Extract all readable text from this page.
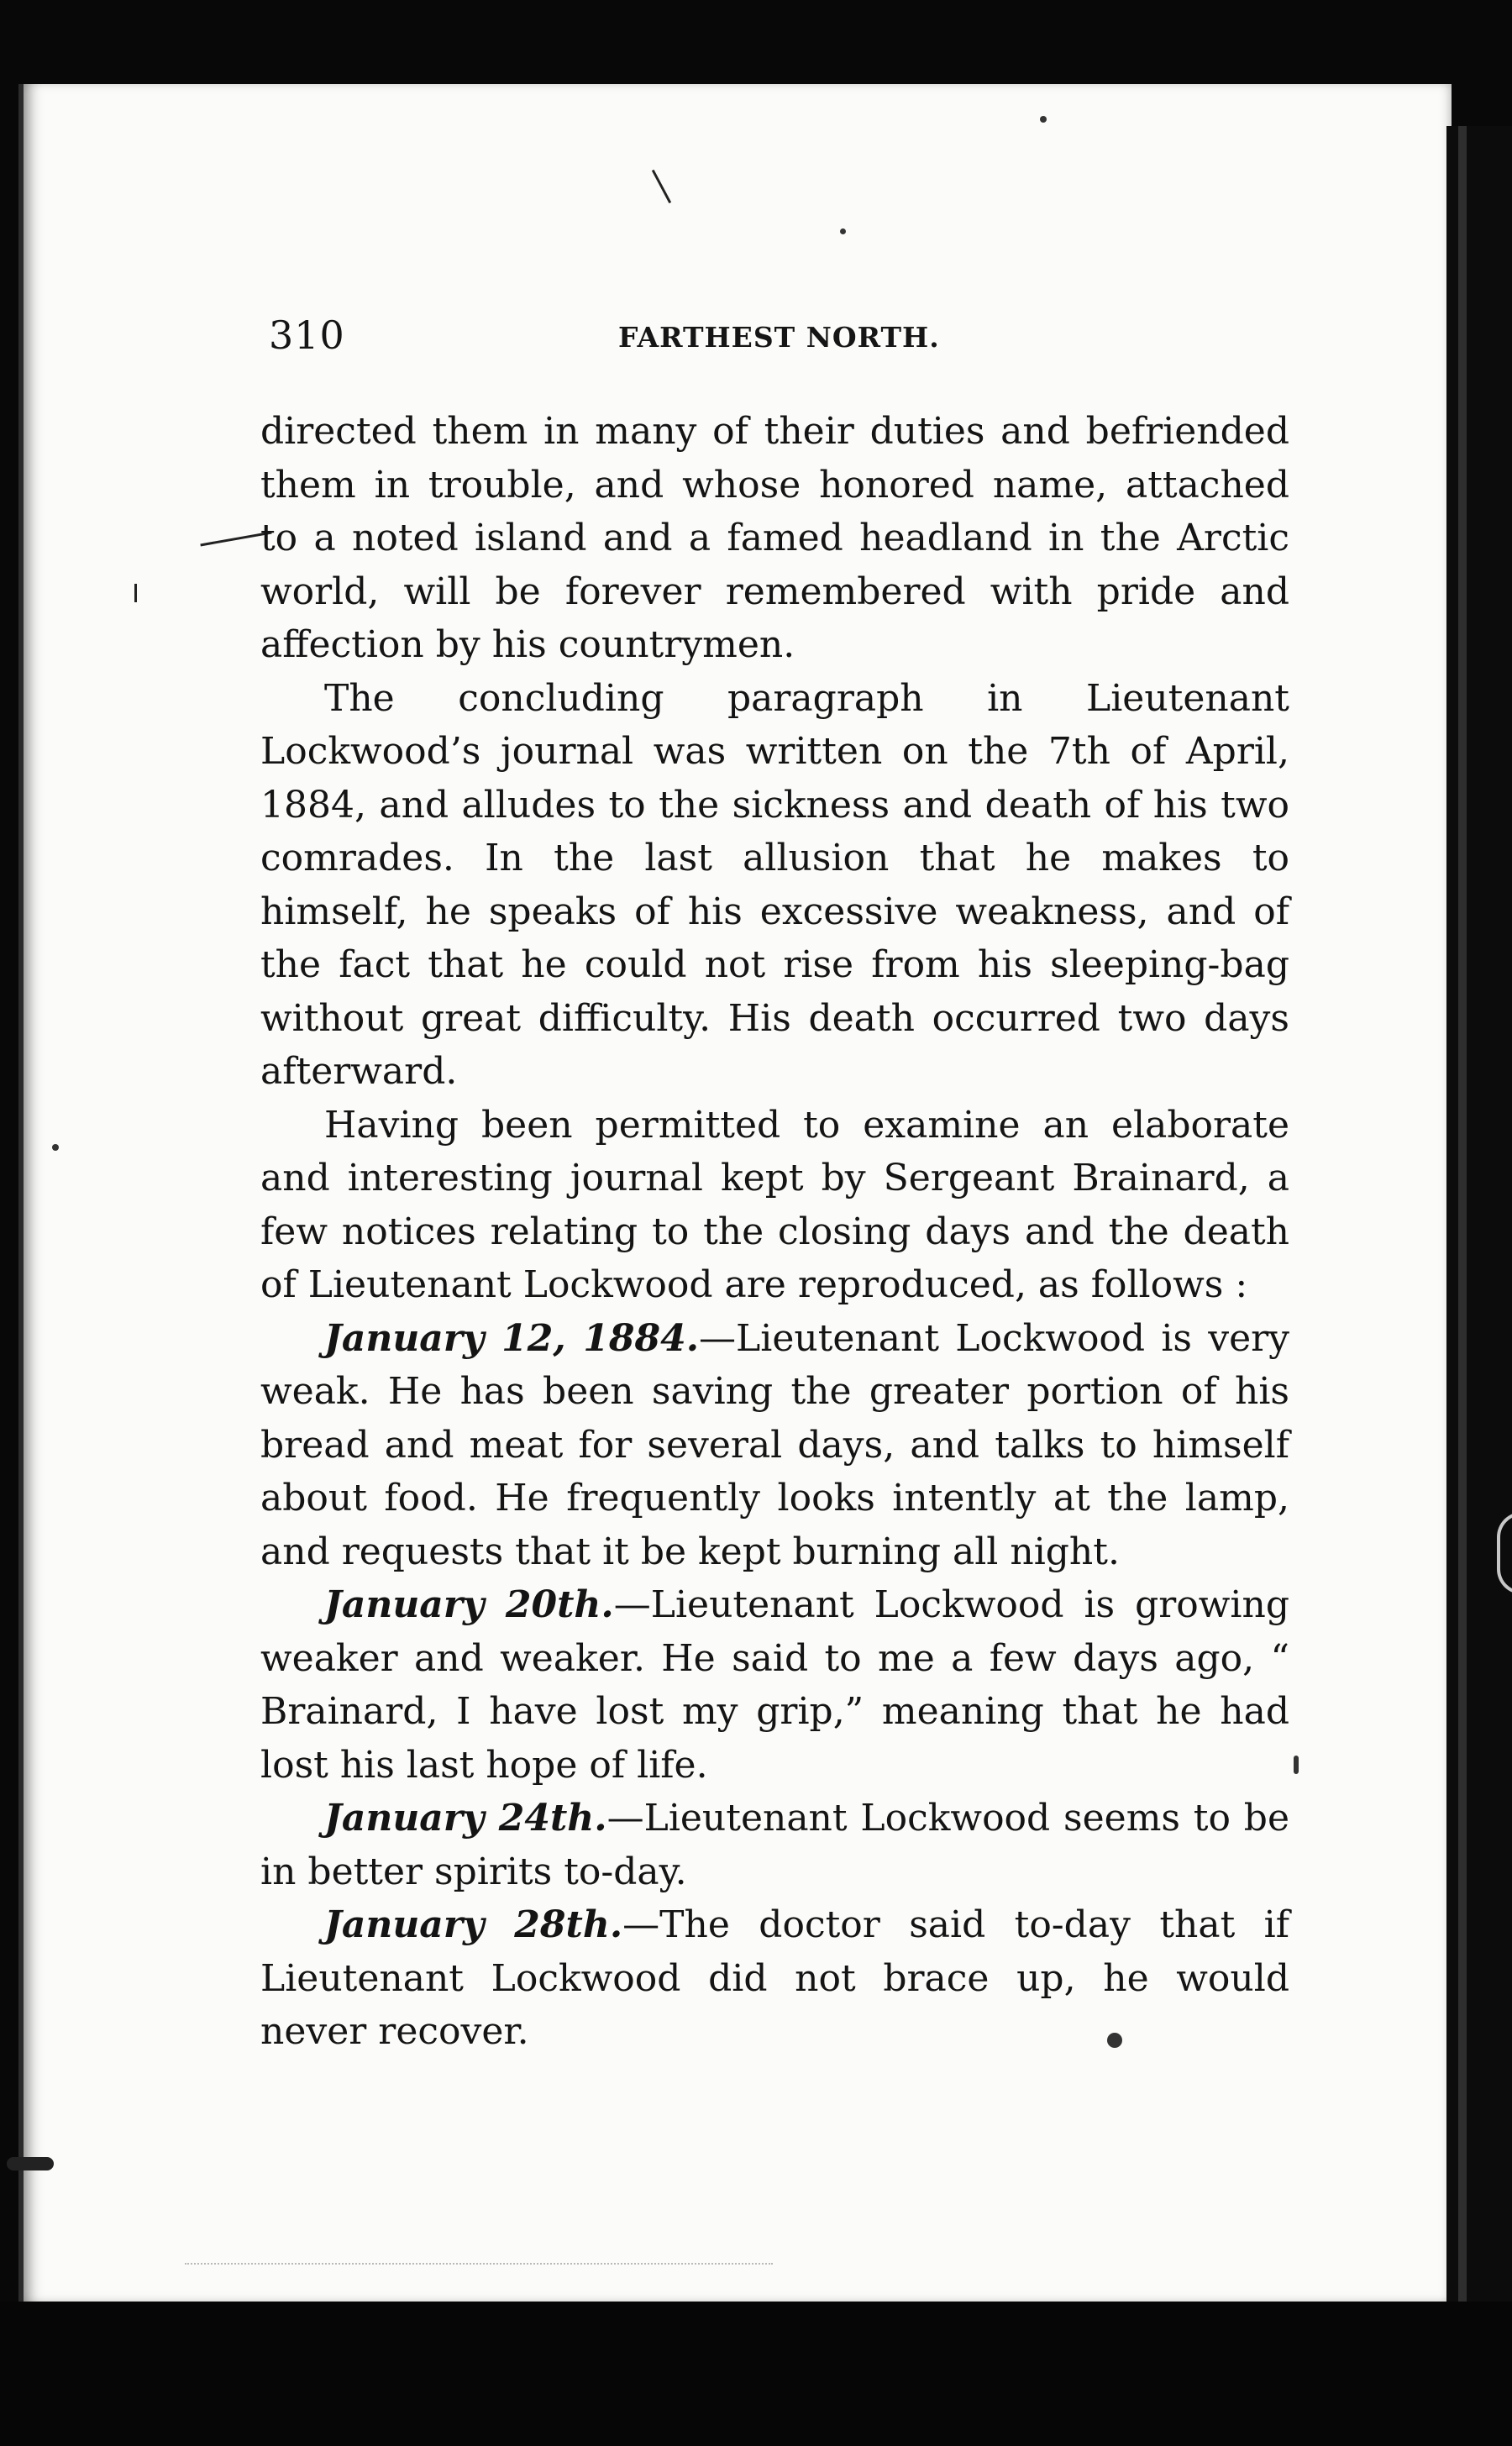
310	FARTHEST NORTH.

directed them in many of their duties and befriended them in trouble, and whose honored name, attached to a noted island and a famed headland in the Arctic world, will be forever remembered with pride and affection by his countrymen.

The concluding paragraph in Lieutenant Lockwood’s journal was written on the 7th of April, 1884, and alludes to the sickness and death of his two comrades. In the last allusion that he makes to himself, he speaks of his excessive weakness, and of the fact that he could not rise from his sleeping-bag without great difficulty. His death occurred two days afterward.

Having been permitted to examine an elaborate and interesting journal kept by Sergeant Brainard, a few notices relating to the closing days and the death of Lieutenant Lockwood are reproduced, as follows :

January 12, 1884.—Lieutenant Lockwood is very weak. He has been saving the greater portion of his bread and meat for several days, and talks to himself about food. He frequently looks intently at the lamp, and requests that it be kept burning all night.

January 20th.—Lieutenant Lockwood is growing weaker and weaker. He said to me a few days ago, “ Brainard, I have lost my grip,” meaning that he had lost his last hope of life.

January 24th.—Lieutenant Lockwood seems to be in better spirits to-day.

January 28th.—The doctor said to-day that if Lieutenant Lockwood did not brace up, he would never recover.
